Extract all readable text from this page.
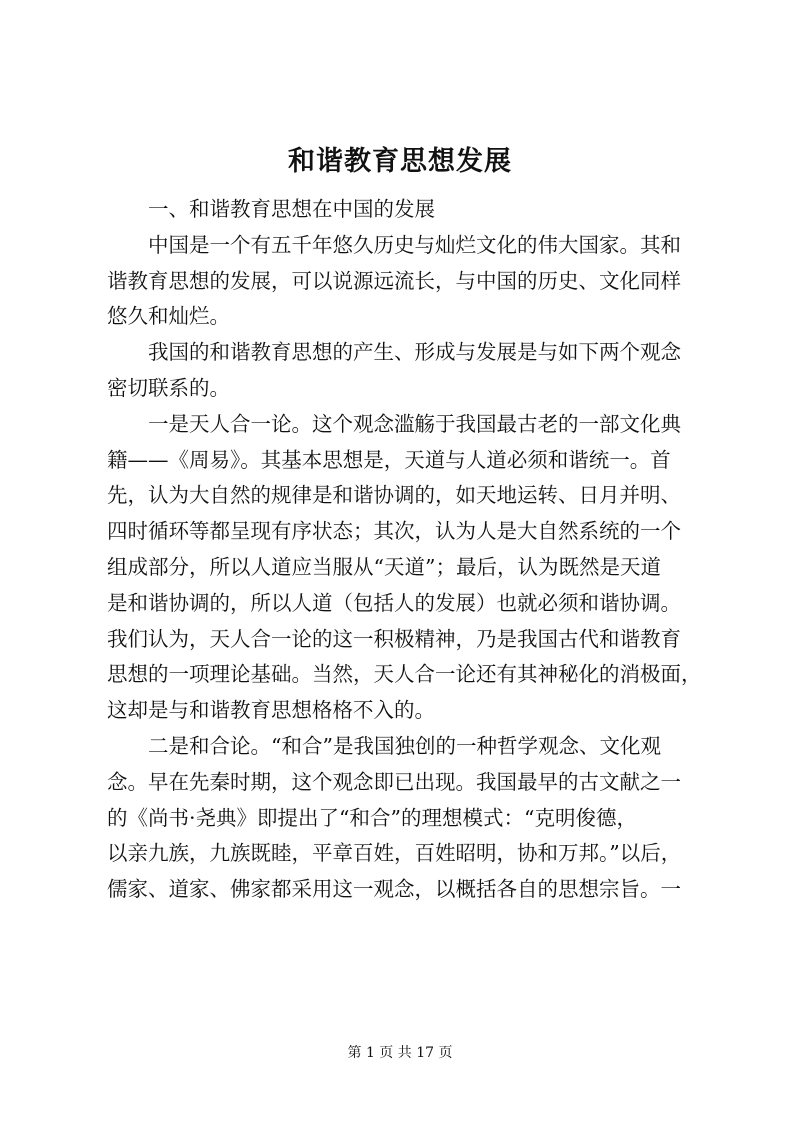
和谐教育思想发展
一、和谐教育思想在中国的发展
中国是一个有五千年悠久历史与灿烂文化的伟大国家。其和
谐教育思想的发展，可以说源远流长，与中国的历史、文化同样
悠久和灿烂。
我国的和谐教育思想的产生、形成与发展是与如下两个观念
密切联系的。
一是天人合一论。这个观念滥觞于我国最古老的一部文化典
籍——《周易》。其基本思想是，天道与人道必须和谐统一。首
先，认为大自然的规律是和谐协调的，如天地运转、日月并明、
四时循环等都呈现有序状态；其次，认为人是大自然系统的一个
组成部分，所以人道应当服从“天道”；最后，认为既然是天道
是和谐协调的，所以人道（包括人的发展）也就必须和谐协调。
我们认为，天人合一论的这一积极精神，乃是我国古代和谐教育
思想的一项理论基础。当然，天人合一论还有其神秘化的消极面，
这却是与和谐教育思想格格不入的。
二是和合论。“和合”是我国独创的一种哲学观念、文化观
念。早在先秦时期，这个观念即已出现。我国最早的古文献之一
的《尚书·尧典》即提出了“和合”的理想模式：“克明俊德，
以亲九族，九族既睦，平章百姓，百姓昭明，协和万邦。”以后，
儒家、道家、佛家都采用这一观念，以概括各自的思想宗旨。一
第 1 页 共 17 页
